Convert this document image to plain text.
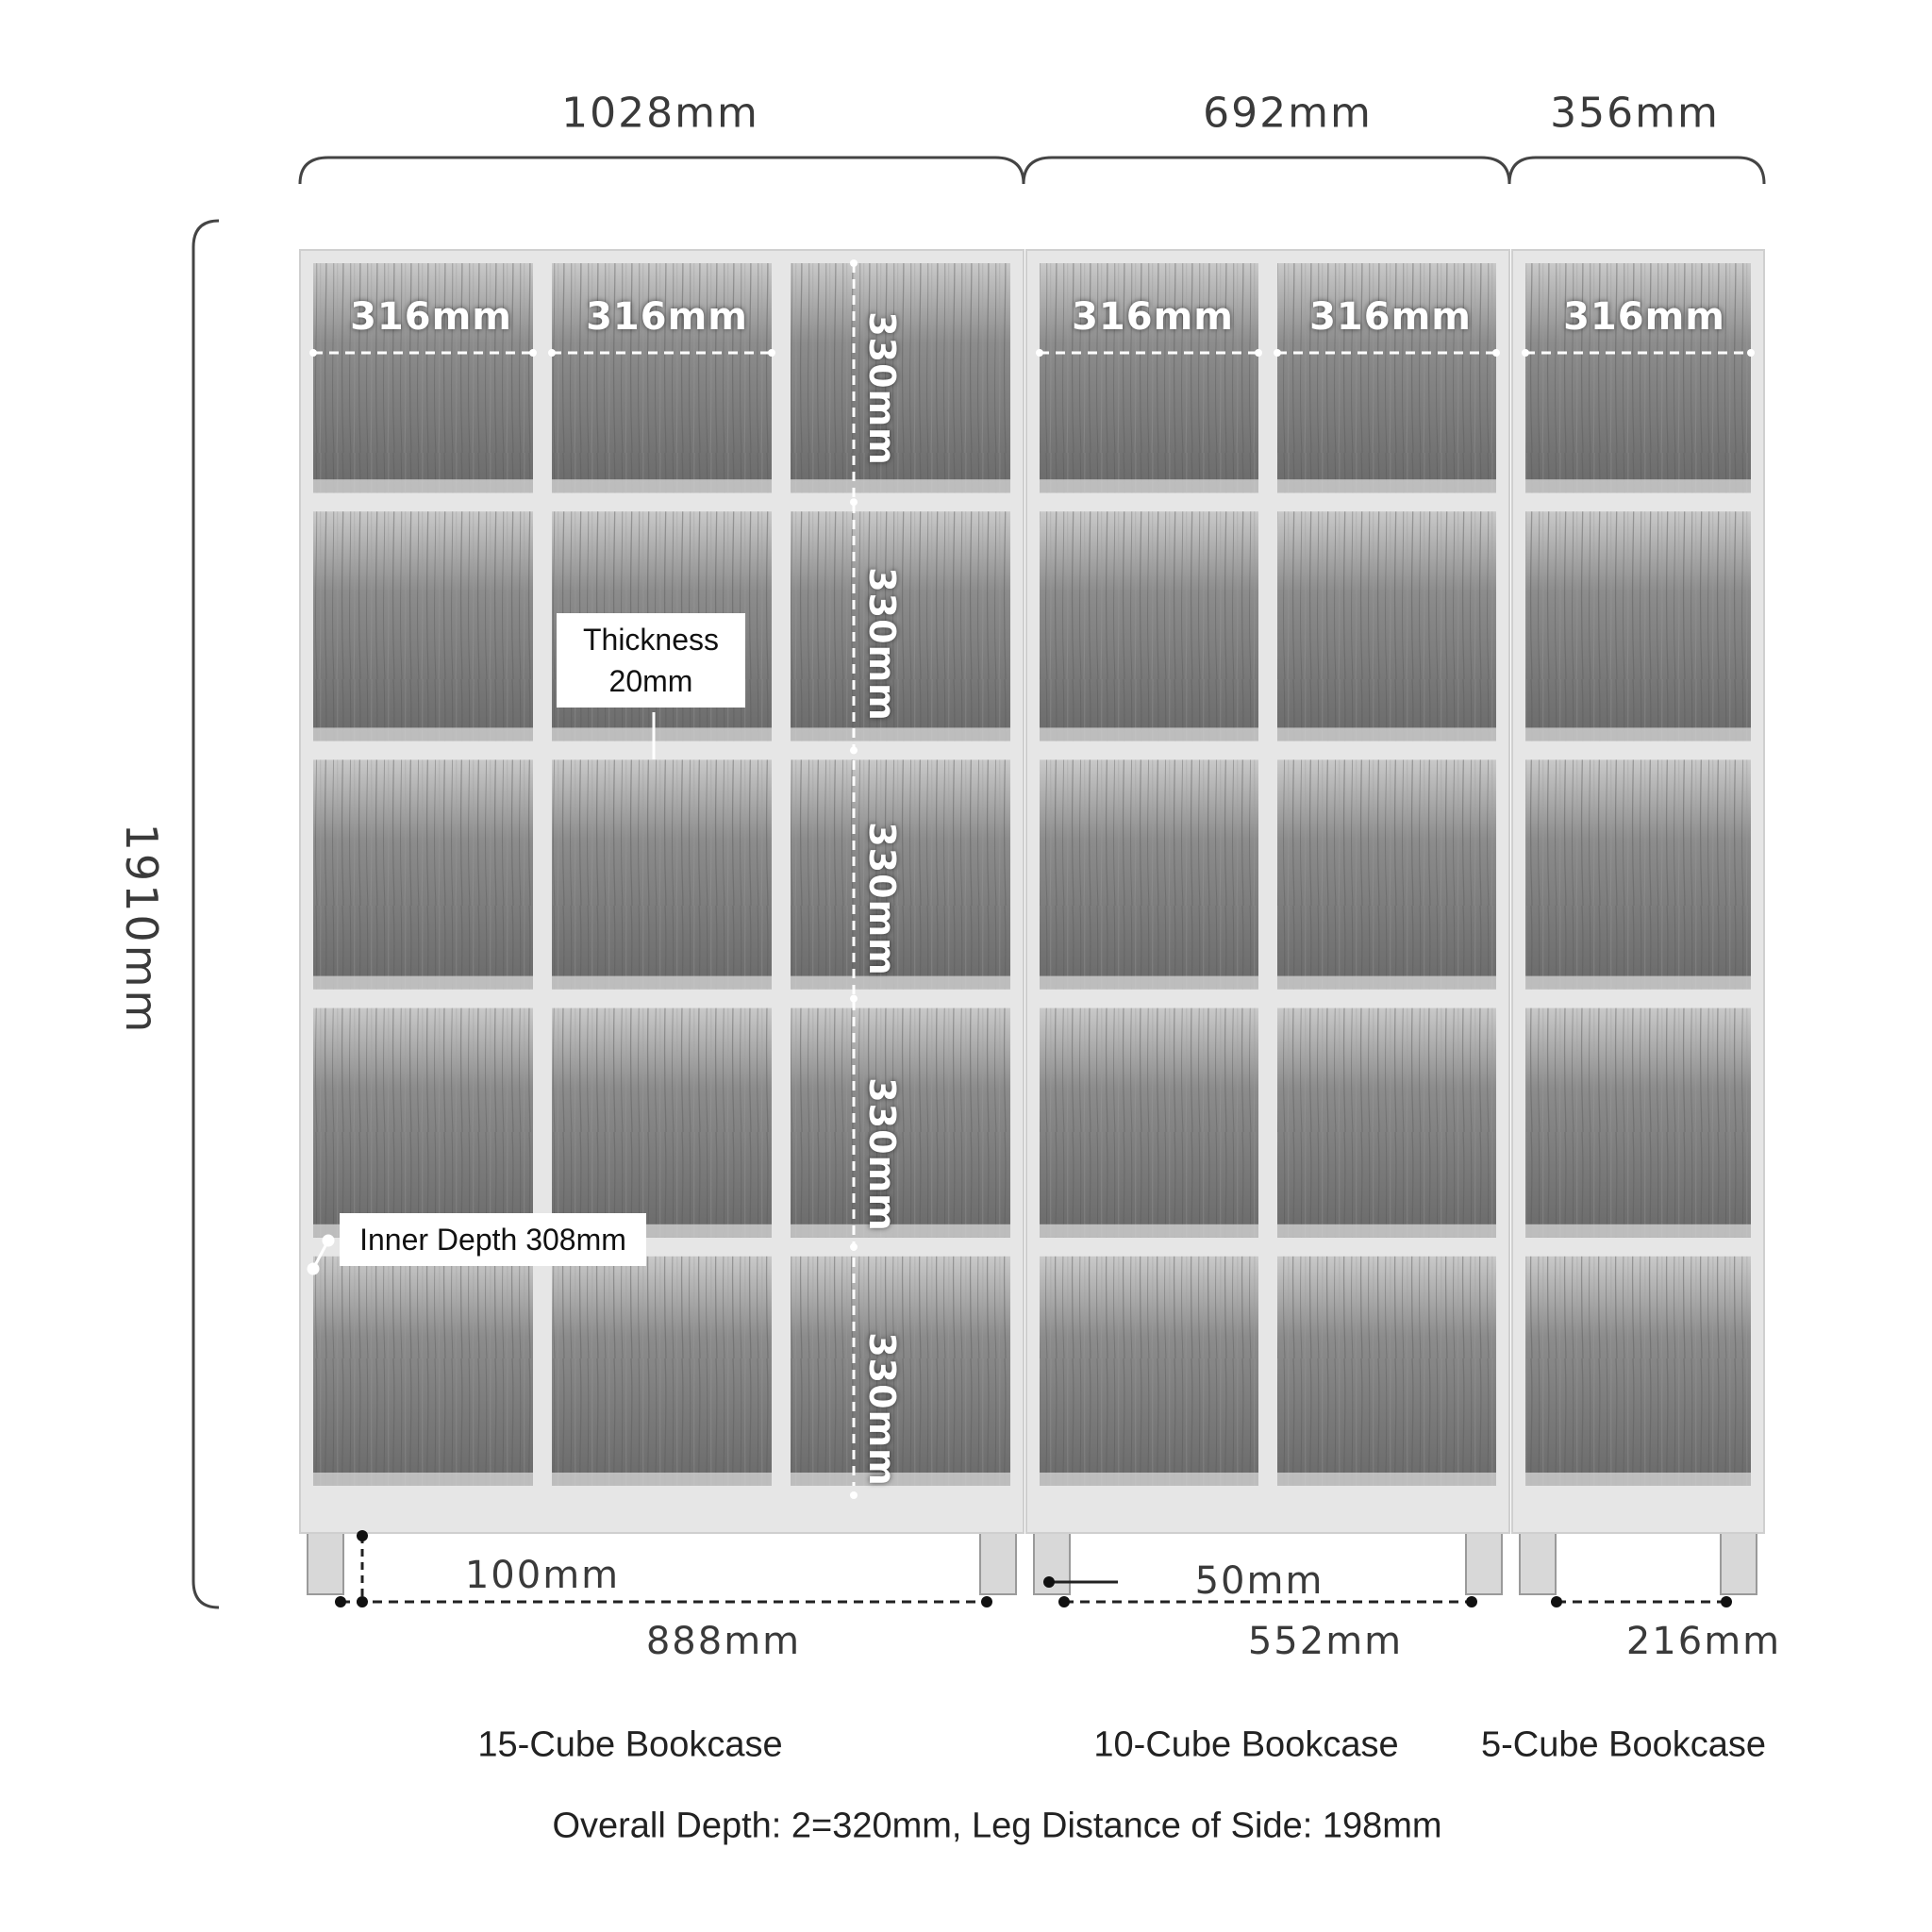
1028mm	692mm	356mm
1910mm
316mm 316mm	316mm 316mm 316mm
330mm
330mm
330mm
330mm
330mm
Thickness
20mm
Inner Depth 308mm
100mm	50mm
888mm	552mm	216mm
15-Cube Bookcase	10-Cube Bookcase 5-Cube Bookcase
Overall Depth: 2=320mm, Leg Distance of Side: 198mm
